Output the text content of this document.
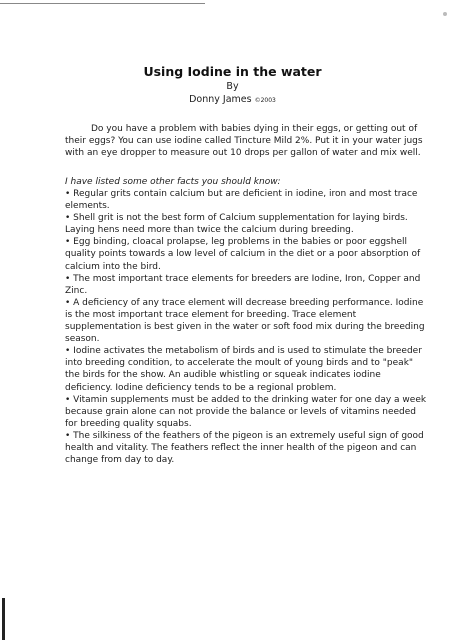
Using Iodine in the water
By
Donny James ©2003
Do you have a problem with babies dying in their eggs, or getting out of their eggs? You can use iodine called Tincture Mild 2%. Put it in your water jugs with an eye dropper to measure out 10 drops per gallon of water and mix well.
I have listed some other facts you should know:

• Regular grits contain calcium but are deficient in iodine, iron and most trace elements.

• Shell grit is not the best form of Calcium supplementation for laying birds. Laying hens need more than twice the calcium during breeding.

• Egg binding, cloacal prolapse, leg problems in the babies or poor eggshell quality points towards a low level of calcium in the diet or a poor absorption of calcium into the bird.

• The most important trace elements for breeders are Iodine, Iron, Copper and Zinc.

• A deficiency of any trace element will decrease breeding performance. Iodine is the most important trace element for breeding. Trace element supplementation is best given in the water or soft food mix during the breeding season.

• Iodine activates the metabolism of birds and is used to stimulate the breeder into breeding condition, to accelerate the moult of young birds and to "peak" the birds for the show. An audible whistling or squeak indicates iodine deficiency. Iodine deficiency tends to be a regional problem.

• Vitamin supplements must be added to the drinking water for one day a week because grain alone can not provide the balance or levels of vitamins needed for breeding quality squabs.

• The silkiness of the feathers of the pigeon is an extremely useful sign of good health and vitality. The feathers reflect the inner health of the pigeon and can change from day to day.
